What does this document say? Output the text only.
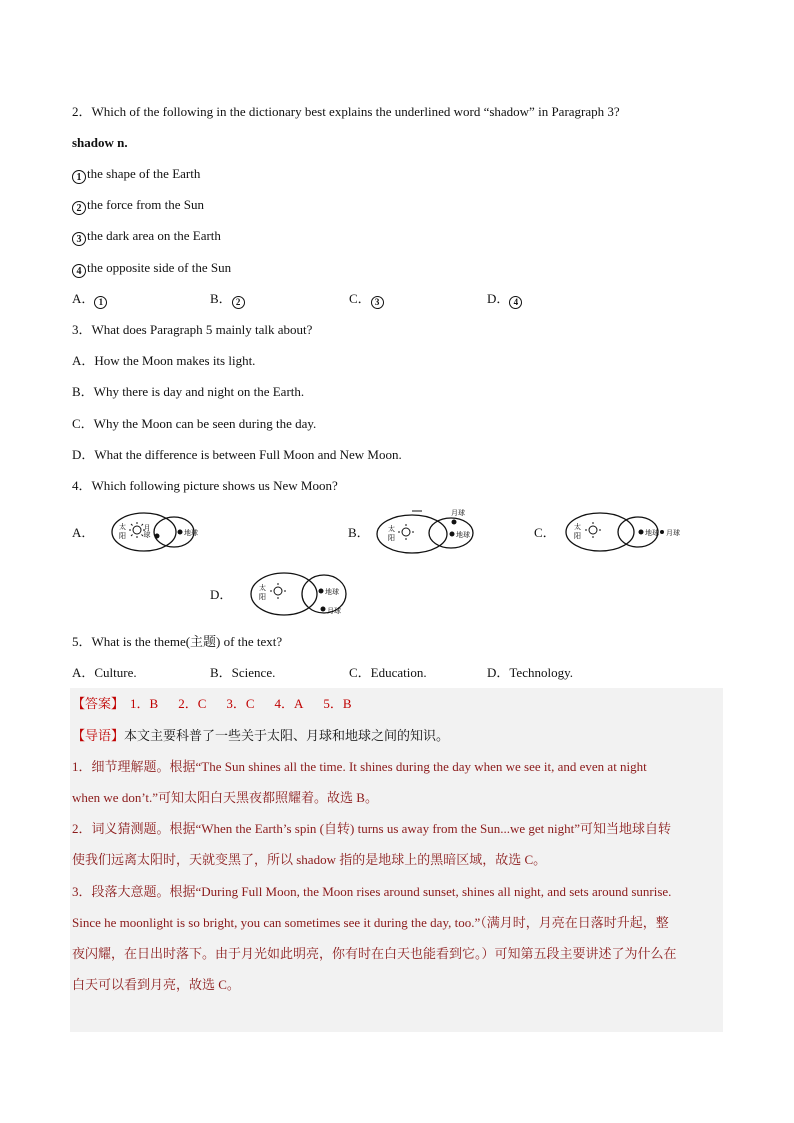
2．Which of the following in the dictionary best explains the underlined word “shadow” in Paragraph 3?
shadow n.
1 the shape of the Earth
2 the force from the Sun
3 the dark area on the Earth
4 the opposite side of the Sun
A． 1	B． 2	C． 3	D． 4
3．What does Paragraph 5 mainly talk about?
A．How the Moon makes its light.
B．Why there is day and night on the Earth.
C．Why the Moon can be seen during the day.
D．What the difference is between Full Moon and New Moon.
4．Which following picture shows us New Moon?
A．	太
阳 月球	地球	B．	太
阳
月球
地球	C．	太
阳	地球 月球
D．	太
阳
地球
月球
5．What is the theme(主题) of the text?
A．Culture.	B．Science.	C．Education.	D．Technology.
【答案】 1．B 2．C 3．C 4．A 5．B
【导语】本文主要科普了一些关于太阳、月球和地球之间的知识。
1．细节理解题。根据“The Sun shines all the time. It shines during the day when we see it, and even at night
when we don’t.”可知太阳白天黑夜都照耀着。故选 B。
2．词义猜测题。根据“When the Earth’s spin (自转) turns us away from the Sun...we get night”可知当地球自转
使我们远离太阳时，天就变黑了，所以 shadow 指的是地球上的黑暗区域，故选 C。
3．段落大意题。根据“During Full Moon, the Moon rises around sunset, shines all night, and sets around sunrise.
Since he moonlight is so bright, you can sometimes see it during the day, too.”（满月时，月亮在日落时升起，整
夜闪耀，在日出时落下。由于月光如此明亮，你有时在白天也能看到它。）可知第五段主要讲述了为什么在
白天可以看到月亮，故选 C。
